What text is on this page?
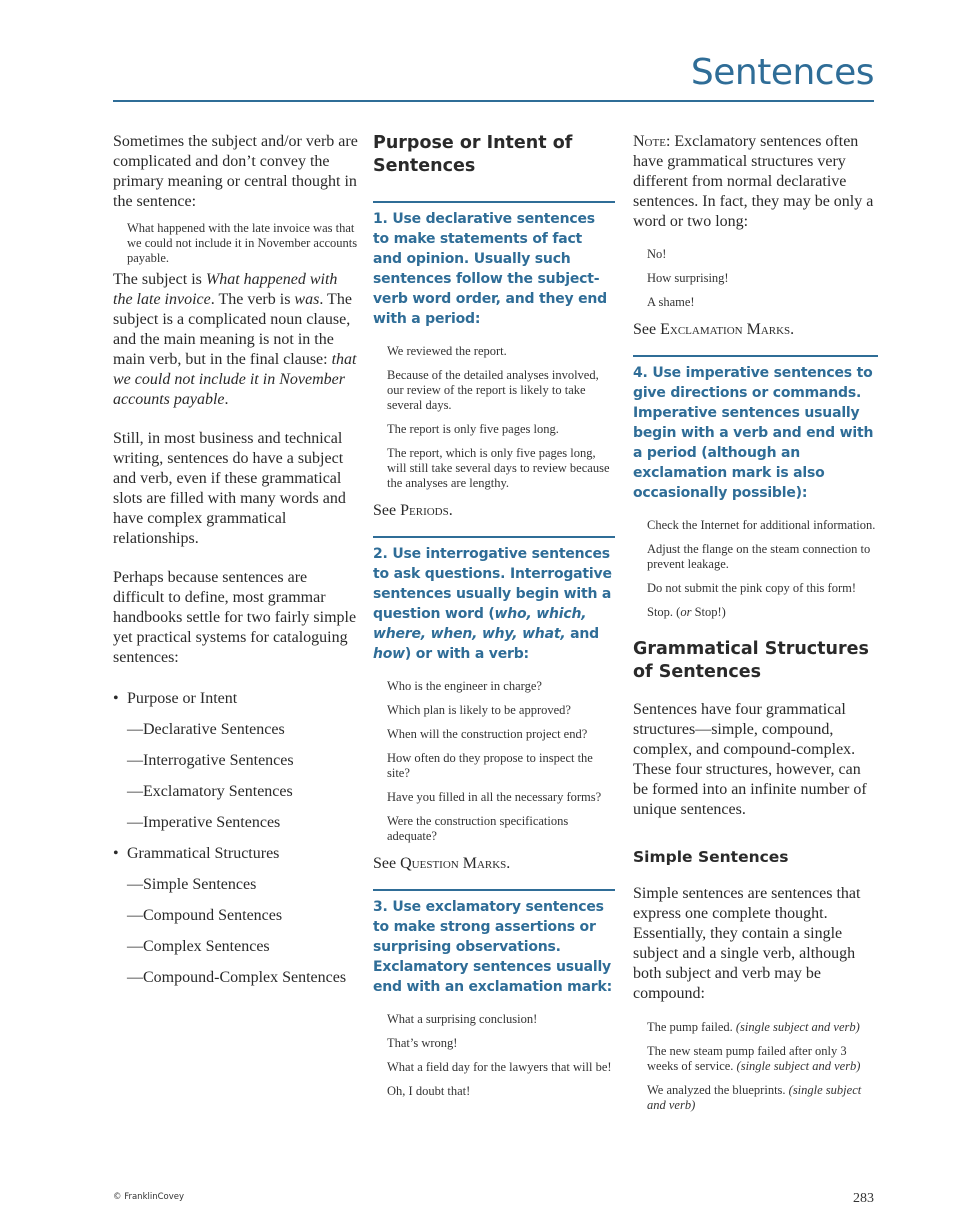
Sentences

Sometimes the subject and/or verb are complicated and don’t convey the primary meaning or central thought in the sentence:

What happened with the late invoice was that we could not include it in November accounts payable.

The subject is What happened with the late invoice. The verb is was. The subject is a complicated noun clause, and the main meaning is not in the main verb, but in the final clause: that we could not include it in November accounts payable.

Still, in most business and technical writing, sentences do have a subject and verb, even if these grammatical slots are filled with many words and have complex grammatical relationships.

Perhaps because sentences are difficult to define, most grammar handbooks settle for two fairly simple yet practical systems for cataloguing sentences:

• Purpose or Intent
—Declarative Sentences
—Interrogative Sentences
—Exclamatory Sentences
—Imperative Sentences
• Grammatical Structures
—Simple Sentences
—Compound Sentences
—Complex Sentences
—Compound-Complex Sentences
Purpose or Intent of Sentences
1. Use declarative sentences to make statements of fact and opinion. Usually such sentences follow the subject-verb word order, and they end with a period:

We reviewed the report.

Because of the detailed analyses involved, our review of the report is likely to take several days.

The report is only five pages long.

The report, which is only five pages long, will still take several days to review because the analyses are lengthy.

See Periods.

2. Use interrogative sentences to ask questions. Interrogative sentences usually begin with a question word (who, which, where, when, why, what, and how) or with a verb:

Who is the engineer in charge?

Which plan is likely to be approved?

When will the construction project end?

How often do they propose to inspect the site?

Have you filled in all the necessary forms?

Were the construction specifications adequate?

See Question Marks.

3. Use exclamatory sentences to make strong assertions or surprising observations. Exclamatory sentences usually end with an exclamation mark:

What a surprising conclusion!

That’s wrong!

What a field day for the lawyers that will be!

Oh, I doubt that!

Note: Exclamatory sentences often have grammatical structures very different from normal declarative sentences. In fact, they may be only a word or two long:

No!

How surprising!

A shame!

See Exclamation Marks.

4. Use imperative sentences to give directions or commands. Imperative sentences usually begin with a verb and end with a period (although an exclamation mark is also occasionally possible):

Check the Internet for additional information.

Adjust the flange on the steam connection to prevent leakage.

Do not submit the pink copy of this form!

Stop. (or Stop!)

Grammatical Structures of Sentences

Sentences have four grammatical structures—simple, compound, complex, and compound-complex. These four structures, however, can be formed into an infinite number of unique sentences.

Simple Sentences

Simple sentences are sentences that express one complete thought. Essentially, they contain a single subject and a single verb, although both subject and verb may be compound:

The pump failed. (single subject and verb)

The new steam pump failed after only 3 weeks of service. (single subject and verb)

We analyzed the blueprints. (single subject and verb)

© FranklinCovey	283
